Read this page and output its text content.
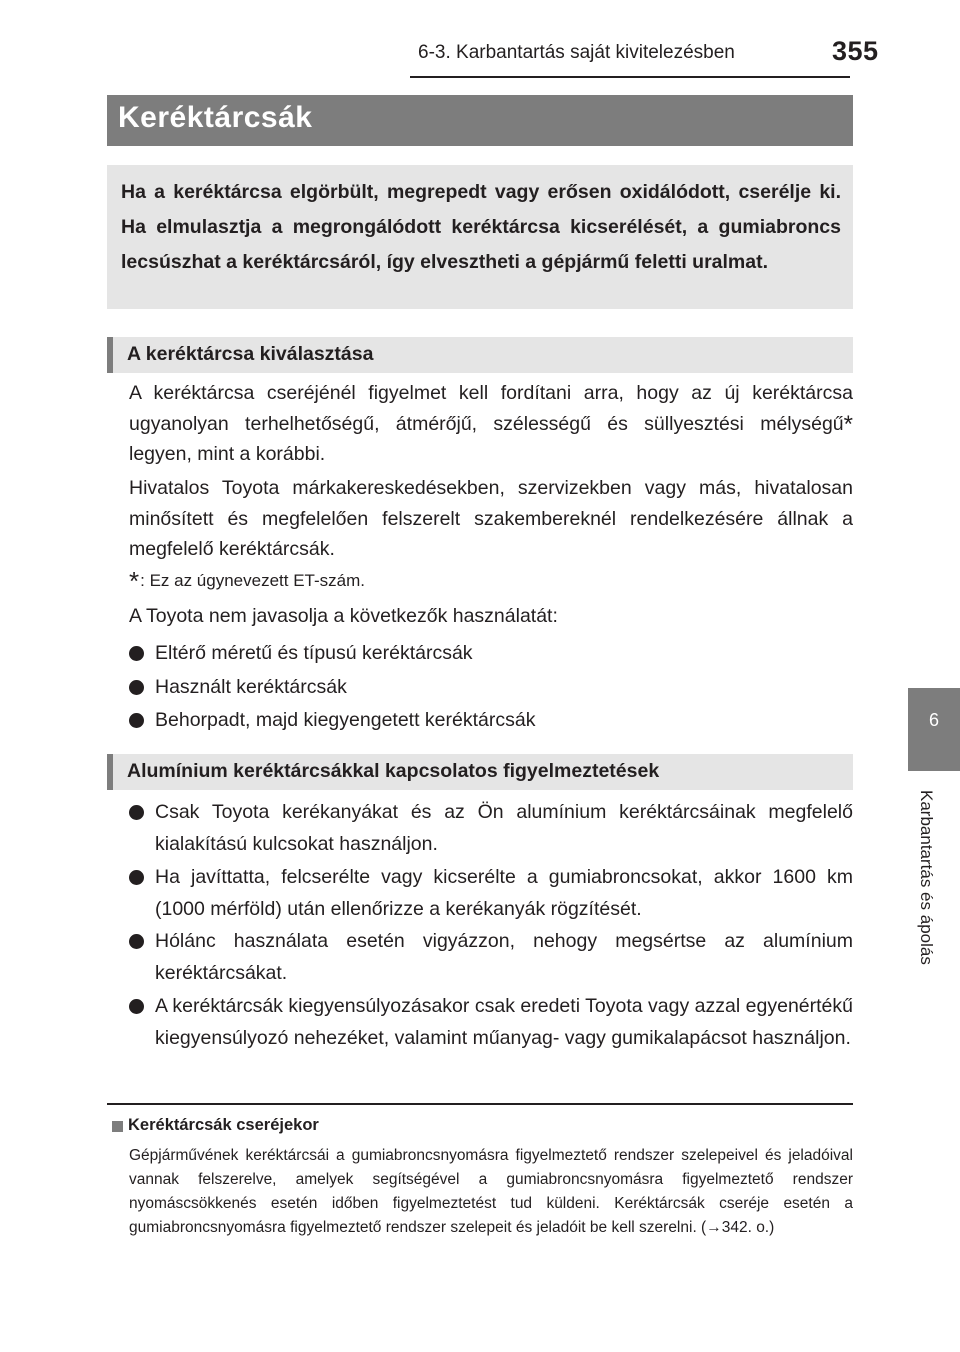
6-3. Karbantartás saját kivitelezésben	355
6
Karbantartás és ápolás
Keréktárcsák
Ha a keréktárcsa elgörbült, megrepedt vagy erősen oxidálódott, cserélje ki. Ha elmulasztja a megrongálódott keréktárcsa kicserélését, a gumiabroncs lecsúszhat a keréktárcsáról, így elvesztheti a gépjármű feletti uralmat.
A keréktárcsa kiválasztása
A keréktárcsa cseréjénél figyelmet kell fordítani arra, hogy az új keréktárcsa ugyanolyan terhelhetőségű, átmérőjű, szélességű és süllyesztési mélységű* legyen, mint a korábbi.
Hivatalos Toyota márkakereskedésekben, szervizekben vagy más, hivatalosan minősített és megfelelően felszerelt szakembereknél rendelkezésére állnak a megfelelő keréktárcsák.
*: Ez az úgynevezett ET-szám.
A Toyota nem javasolja a következők használatát:
Eltérő méretű és típusú keréktárcsák
Használt keréktárcsák
Behorpadt, majd kiegyengetett keréktárcsák
Alumínium keréktárcsákkal kapcsolatos figyelmeztetések
Csak Toyota kerékanyákat és az Ön alumínium keréktárcsáinak megfelelő kialakítású kulcsokat használjon.
Ha javíttatta, felcserélte vagy kicserélte a gumiabroncsokat, akkor 1600 km (1000 mérföld) után ellenőrizze a kerékanyák rögzítését.
Hólánc használata esetén vigyázzon, nehogy megsértse az alumínium keréktárcsákat.
A keréktárcsák kiegyensúlyozásakor csak eredeti Toyota vagy azzal egyenértékű kiegyensúlyozó nehezéket, valamint műanyag- vagy gumikalapácsot használjon.
Keréktárcsák cseréjekor
Gépjárművének keréktárcsái a gumiabroncsnyomásra figyelmeztető rendszer szelepeivel és jeladóival vannak felszerelve, amelyek segítségével a gumiabroncsnyomásra figyelmeztető rendszer nyomáscsökkenés esetén időben figyelmeztetést tud küldeni. Keréktárcsák cseréje esetén a gumiabroncsnyomásra figyelmeztető rendszer szelepeit és jeladóit be kell szerelni. (→342. o.)
